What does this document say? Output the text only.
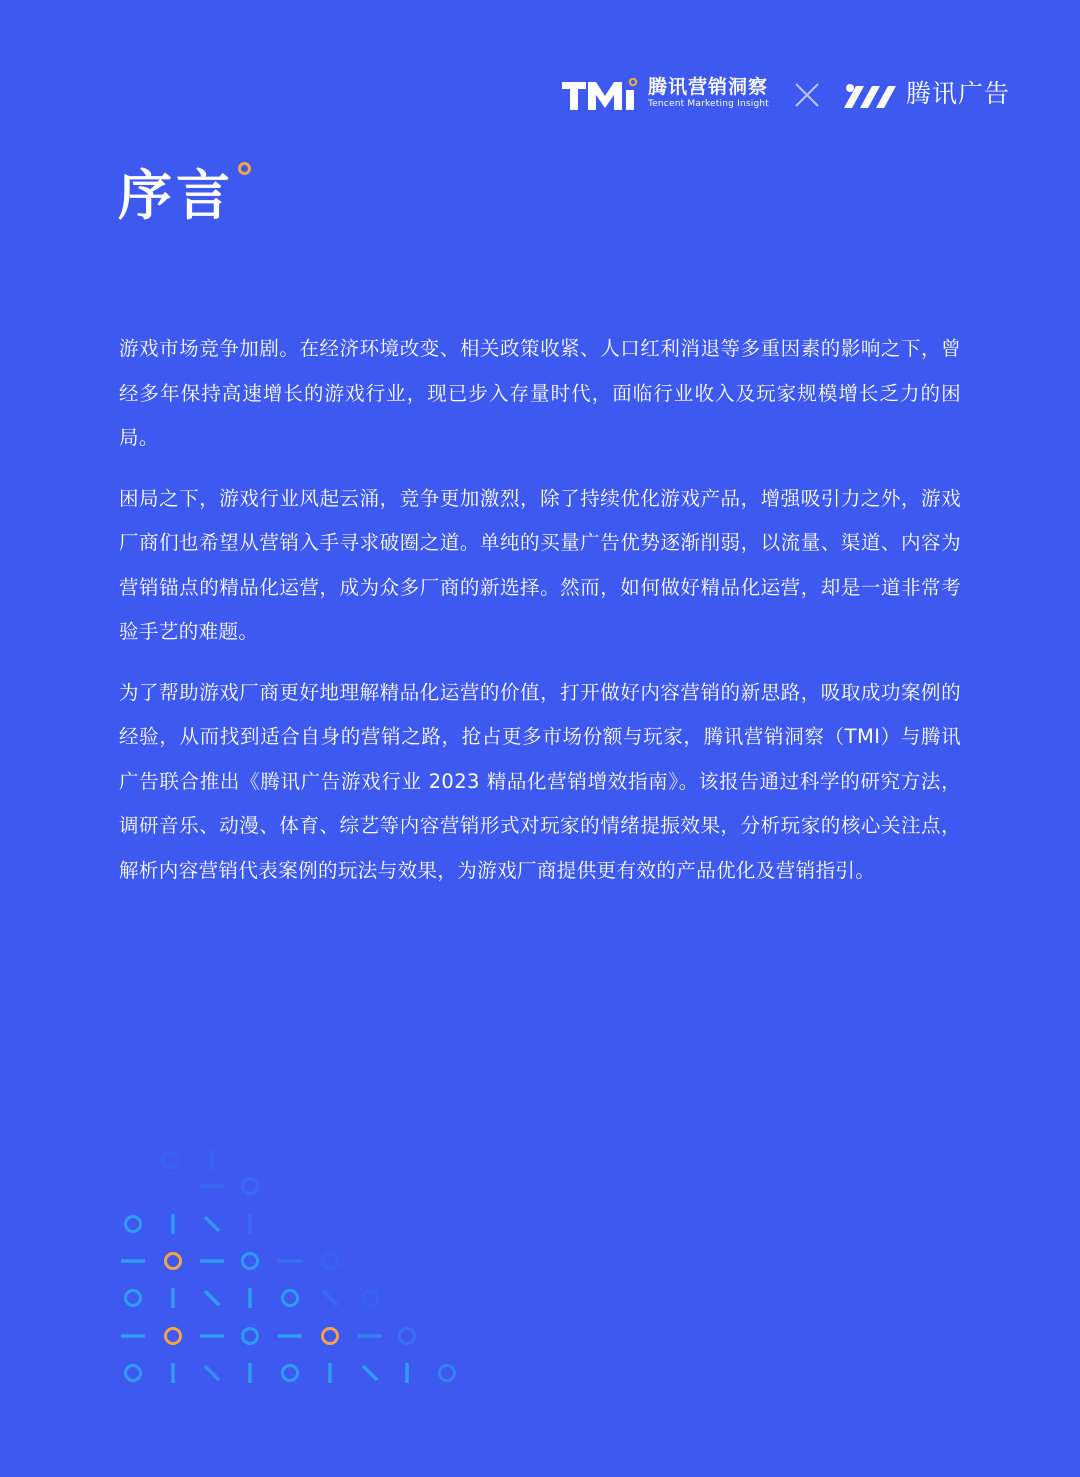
腾讯营销洞察
Tencent Marketing Insight	腾讯广告
序言

游戏市场竞争加剧。在经济环境改变、相关政策收紧、人口红利消退等多重因素的影响之下，曾经多年保持高速增长的游戏行业，现已步入存量时代，面临行业收入及玩家规模增长乏力的困局。

困局之下，游戏行业风起云涌，竞争更加激烈，除了持续优化游戏产品，增强吸引力之外，游戏厂商们也希望从营销入手寻求破圈之道。单纯的买量广告优势逐渐削弱，以流量、渠道、内容为营销锚点的精品化运营，成为众多厂商的新选择。然而，如何做好精品化运营，却是一道非常考验手艺的难题。

为了帮助游戏厂商更好地理解精品化运营的价值，打开做好内容营销的新思路，吸取成功案例的经验，从而找到适合自身的营销之路，抢占更多市场份额与玩家，腾讯营销洞察（TMI）与腾讯广告联合推出《腾讯广告游戏行业 2023 精品化营销增效指南》。该报告通过科学的研究方法，调研音乐、动漫、体育、综艺等内容营销形式对玩家的情绪提振效果，分析玩家的核心关注点，解析内容营销代表案例的玩法与效果，为游戏厂商提供更有效的产品优化及营销指引。
